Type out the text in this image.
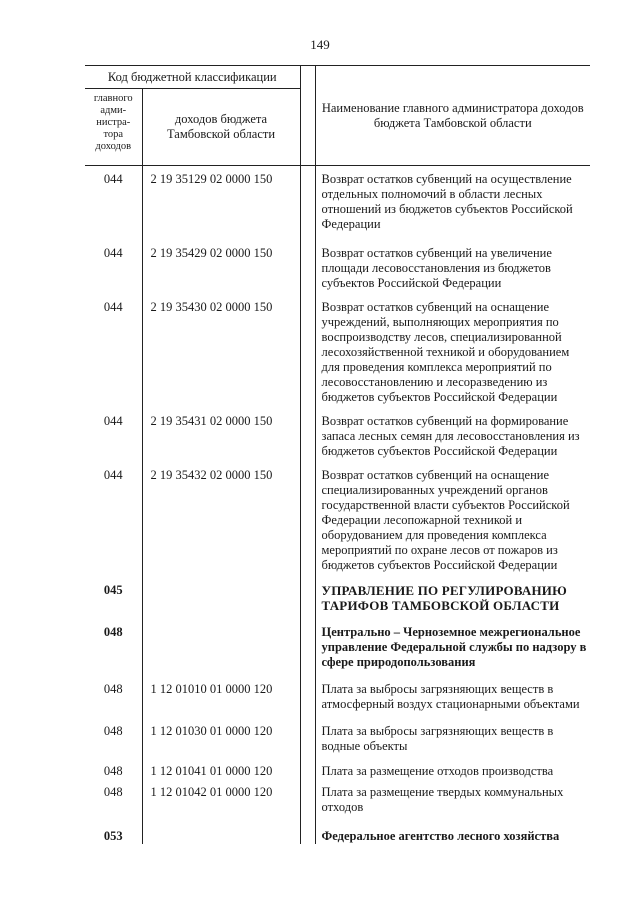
149
Код бюджетной классификации			Наименование главного администратора доходов бюджета Тамбовской области
главного адми- нистра- тора доходов	доходов бюджета Тамбовской области		
044	2 19 35129 02 0000 150		Возврат остатков субвенций на осуществление отдельных полномочий в области лесных отношений из бюджетов субъектов Российской Федерации
044	2 19 35429 02 0000 150		Возврат остатков субвенций на увеличение площади лесовосстановления из бюджетов субъектов Российской Федерации
044	2 19 35430 02 0000 150		Возврат остатков субвенций на оснащение учреждений, выполняющих мероприятия по воспроизводству лесов, специализированной лесохозяйственной техникой и оборудованием для проведения комплекса мероприятий по лесовосстановлению и лесоразведению из бюджетов субъектов Российской Федерации
044	2 19 35431 02 0000 150		Возврат остатков субвенций на формирование запаса лесных семян для лесовосстановления из бюджетов субъектов Российской Федерации
044	2 19 35432 02 0000 150		Возврат остатков субвенций на оснащение специализированных учреждений органов государственной власти субъектов Российской Федерации лесопожарной техникой и оборудованием для проведения комплекса мероприятий по охране лесов от пожаров из бюджетов субъектов Российской Федерации
045			УПРАВЛЕНИЕ ПО РЕГУЛИРОВАНИЮ ТАРИФОВ ТАМБОВСКОЙ ОБЛАСТИ
048			Центрально – Черноземное межрегиональное управление Федеральной службы по надзору в сфере природопользования
048	1 12 01010 01 0000 120		Плата за выбросы загрязняющих веществ в атмосферный воздух стационарными объектами
048	1 12 01030 01 0000 120		Плата за выбросы загрязняющих веществ в водные объекты
048	1 12 01041 01 0000 120		Плата за размещение отходов производства
048	1 12 01042 01 0000 120		Плата за размещение твердых коммунальных отходов
053			Федеральное агентство лесного хозяйства
